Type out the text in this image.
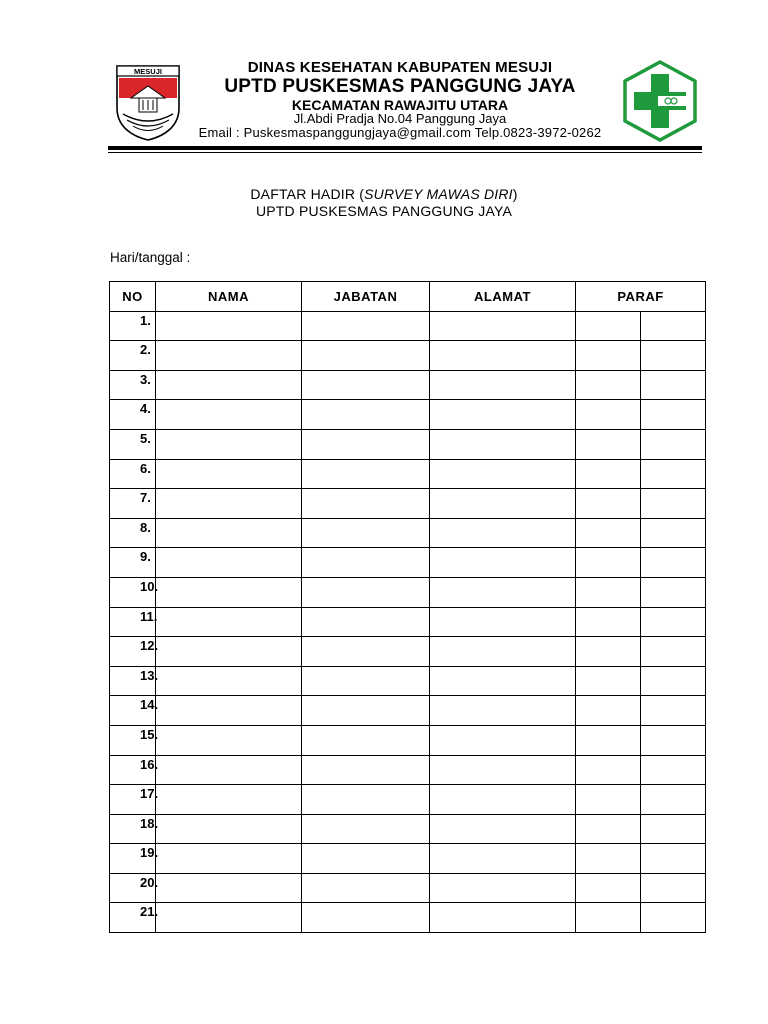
MESUJI	DINAS KESEHATAN KABUPATEN MESUJI
UPTD PUSKESMAS PANGGUNG JAYA
KECAMATAN RAWAJITU UTARA
Jl.Abdi Pradja No.04 Panggung Jaya
Email : Puskesmaspanggungjaya@gmail.com Telp.0823-3972-0262
DAFTAR HADIR (SURVEY MAWAS DIRI)
UPTD PUSKESMAS PANGGUNG JAYA
Hari/tanggal :
NO	NAMA	JABATAN	ALAMAT	PARAF	

1.					

2.					

3.					

4.					

5.					

6.					

7.					

8.					

9.					

10.					

11.					

12.					

13.					

14.					

15.					

16.					

17.					

18.					

19.					

20.					

21.					
